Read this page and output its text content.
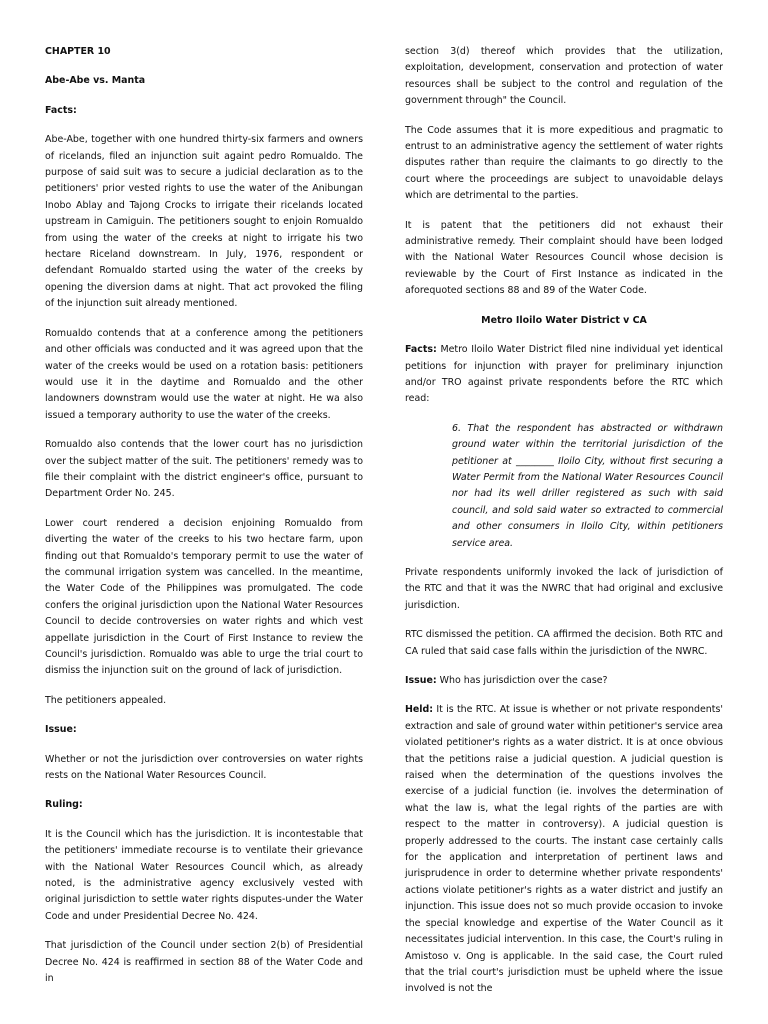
CHAPTER 10

Abe-Abe vs. Manta

Facts:

Abe-Abe, together with one hundred thirty-six farmers and owners of ricelands, filed an injunction suit againt pedro Romualdo. The purpose of said suit was to secure a judicial declaration as to the petitioners' prior vested rights to use the water of the Anibungan Inobo Ablay and Tajong Crocks to irrigate their ricelands located upstream in Camiguin. The petitioners sought to enjoin Romualdo from using the water of the creeks at night to irrigate his two hectare Riceland downstream. In July, 1976, respondent or defendant Romualdo started using the water of the creeks by opening the diversion dams at night. That act provoked the filing of the injunction suit already mentioned.

Romualdo contends that at a conference among the petitioners and other officials was conducted and it was agreed upon that the water of the creeks would be used on a rotation basis: petitioners would use it in the daytime and Romualdo and the other landowners downstram would use the water at night. He wa also issued a temporary authority to use the water of the creeks.

Romualdo also contends that the lower court has no jurisdiction over the subject matter of the suit. The petitioners' remedy was to file their complaint with the district engineer's office, pursuant to Department Order No. 245.

Lower court rendered a decision enjoining Romualdo from diverting the water of the creeks to his two hectare farm, upon finding out that Romualdo's temporary permit to use the water of the communal irrigation system was cancelled. In the meantime, the Water Code of the Philippines was promulgated. The code confers the original jurisdiction upon the National Water Resources Council to decide controversies on water rights and which vest appellate jurisdiction in the Court of First Instance to review the Council's jurisdiction. Romualdo was able to urge the trial court to dismiss the injunction suit on the ground of lack of jurisdiction.

The petitioners appealed.

Issue:

Whether or not the jurisdiction over controversies on water rights rests on the National Water Resources Council.

Ruling:

It is the Council which has the jurisdiction. It is incontestable that the petitioners' immediate recourse is to ventilate their grievance with the National Water Resources Council which, as already noted, is the administrative agency exclusively vested with original jurisdiction to settle water rights disputes-under the Water Code and under Presidential Decree No. 424.

That jurisdiction of the Council under section 2(b) of Presidential Decree No. 424 is reaffirmed in section 88 of the Water Code and in

section 3(d) thereof which provides that the utilization, exploitation, development, conservation and protection of water resources shall be subject to the control and regulation of the government through" the Council.

The Code assumes that it is more expeditious and pragmatic to entrust to an administrative agency the settlement of water rights disputes rather than require the claimants to go directly to the court where the proceedings are subject to unavoidable delays which are detrimental to the parties.

It is patent that the petitioners did not exhaust their administrative remedy. Their complaint should have been lodged with the National Water Resources Council whose decision is reviewable by the Court of First Instance as indicated in the aforequoted sections 88 and 89 of the Water Code.

Metro Iloilo Water District v CA

Facts: Metro Iloilo Water District filed nine individual yet identical petitions for injunction with prayer for preliminary injunction and/or TRO against private respondents before the RTC which read:

6. That the respondent has abstracted or withdrawn ground water within the territorial jurisdiction of the petitioner at ________ Iloilo City, without first securing a Water Permit from the National Water Resources Council nor had its well driller registered as such with said council, and sold said water so extracted to commercial and other consumers in Iloilo City, within petitioners service area.

Private respondents uniformly invoked the lack of jurisdiction of the RTC and that it was the NWRC that had original and exclusive jurisdiction.

RTC dismissed the petition. CA affirmed the decision. Both RTC and CA ruled that said case falls within the jurisdiction of the NWRC.

Issue: Who has jurisdiction over the case?

Held: It is the RTC. At issue is whether or not private respondents' extraction and sale of ground water within petitioner's service area violated petitioner's rights as a water district. It is at once obvious that the petitions raise a judicial question. A judicial question is raised when the determination of the questions involves the exercise of a judicial function (ie. involves the determination of what the law is, what the legal rights of the parties are with respect to the matter in controversy). A judicial question is properly addressed to the courts. The instant case certainly calls for the application and interpretation of pertinent laws and jurisprudence in order to determine whether private respondents' actions violate petitioner's rights as a water district and justify an injunction. This issue does not so much provide occasion to invoke the special knowledge and expertise of the Water Council as it necessitates judicial intervention. In this case, the Court's ruling in Amistoso v. Ong is applicable. In the said case, the Court ruled that the trial court's jurisdiction must be upheld where the issue involved is not the
